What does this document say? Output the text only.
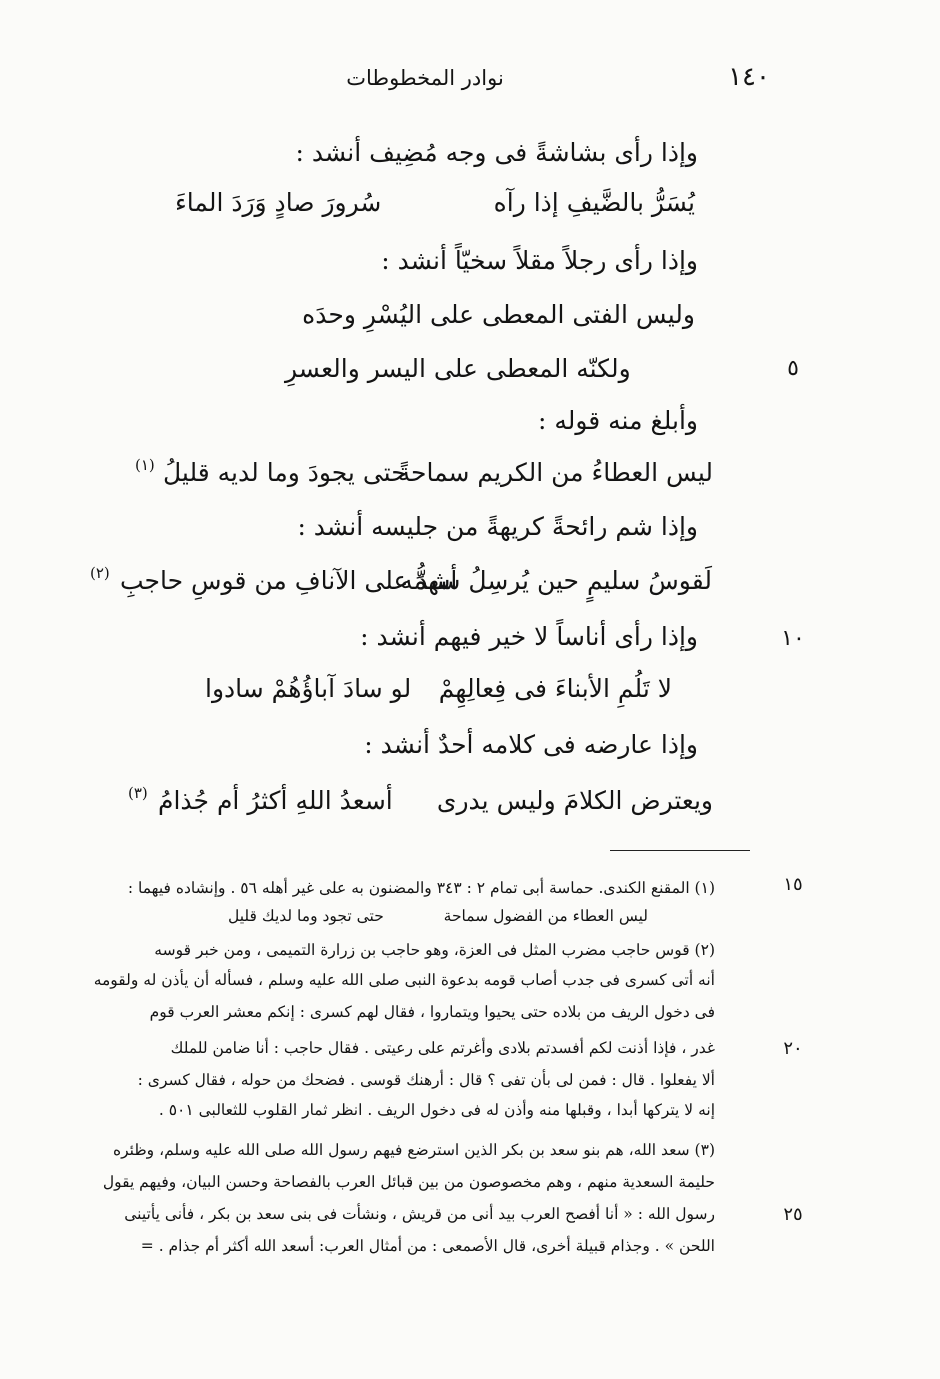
نوادر المخطوطات	١٤٠
وإذا رأى بشاشةً فى وجه مُضِيف أنشد :
يُسَرُّ بالضَّيفِ إذا رآه
سُرورَ صادٍ وَرَدَ الماءَ
وإذا رأى رجلاً مقلاً سخيّاً أنشد :
وليس الفتى المعطى على اليُسْرِ وحدَه
٥
ولكنّه المعطى على اليسر والعسرِ
وأبلغ منه قوله :
ليس العطاءُ من الكريم سماحةً
حتى يجودَ وما لديه قليلُ
(١)
وإذا شم رائحةً كريهةً من جليسه أنشد :
لَقوسُ سليمٍ حين يُرسِلُ سهمَه
أشدُّ على الآنافِ من قوسِ حاجبِ
(٢)
١٠
وإذا رأى أناساً لا خير فيهم أنشد :
لا تَلُمِ الأبناءَ فى فِعالِهِمْ
لو سادَ آباؤُهُمْ سادوا
وإذا عارضه فى كلامه أحدٌ أنشد :
ويعترض الكلامَ وليس يدرى
أسعدُ اللهِ أكثرُ أم جُذامُ
(٣)
١٥
(١) المقنع الكندى. حماسة أبى تمام ٢ : ٣٤٣ والمضنون به على غير أهله ٥٦ . وإنشاده فيهما :
ليس العطاء من الفضول سماحة
حتى تجود وما لديك قليل
(٢) قوس حاجب مضرب المثل فى العزة، وهو حاجب بن زرارة التميمى ، ومن خبر قوسه
أنه أتى كسرى فى جدب أصاب قومه بدعوة النبى صلى الله عليه وسلم ، فسأله أن يأذن له ولقومه
فى دخول الريف من بلاده حتى يحيوا ويتماروا ، فقال لهم كسرى : إنكم معشر العرب قوم
٢٠
غدر ، فإذا أذنت لكم أفسدتم بلادى وأغرتم على رعيتى . فقال حاجب : أنا ضامن للملك
ألا يفعلوا . قال : فمن لى بأن تفى ؟ قال : أرهنك قوسى . فضحك من حوله ، فقال كسرى :
إنه لا يتركها أبدا ، وقبلها منه وأذن له فى دخول الريف . انظر ثمار القلوب للثعالبى ٥٠١ .
(٣) سعد الله، هم بنو سعد بن بكر الذين استرضع فيهم رسول الله صلى الله عليه وسلم، وظئره
حليمة السعدية منهم ، وهم مخصوصون من بين قبائل العرب بالفصاحة وحسن البيان، وفيهم يقول
٢٥
رسول الله : « أنا أفصح العرب بيد أنى من قريش ، ونشأت فى بنى سعد بن بكر ، فأنى يأتينى
اللحن » . وجذام قبيلة أخرى، قال الأصمعى : من أمثال العرب: أسعد الله أكثر أم جذام . =
